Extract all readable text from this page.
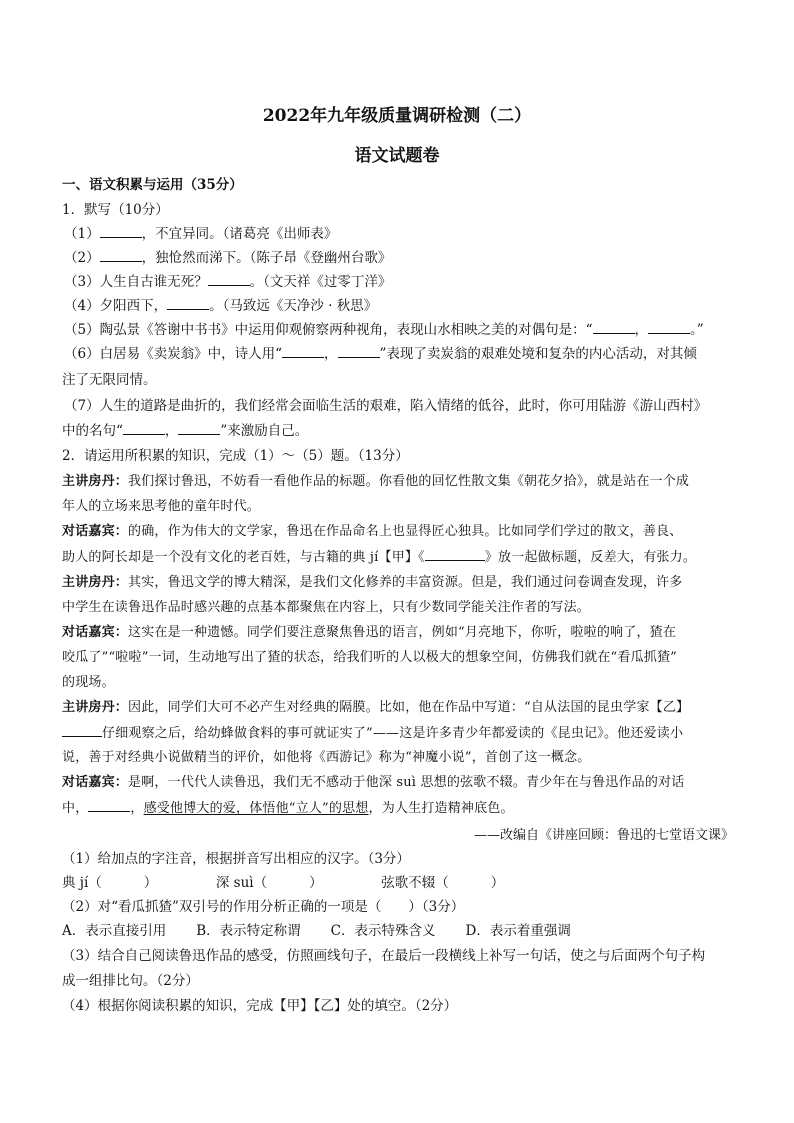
2022年九年级质量调研检测（二）
语文试题卷
一、语文积累与运用（35分）
1．默写（10分）
（1）	，不宜异同。（诸葛亮《出师表》
（2）	，独怆然而涕下。（陈子昂《登幽州台歌》
（3）人生自古谁无死？	。（文天祥《过零丁洋》
（4）夕阳西下，	。（马致远《天净沙 · 秋思》
（5）陶弘景《答谢中书书》中运用仰观俯察两种视角，表现山水相映之美的对偶句是：“	，	。”
（6）白居易《卖炭翁》中，诗人用“	，	”表现了卖炭翁的艰难处境和复杂的内心活动，对其倾
注了无限同情。
（7）人生的道路是曲折的，我们经常会面临生活的艰难，陷入情绪的低谷，此时，你可用陆游《游山西村》
中的名句“	，	”来激励自己。
2．请运用所积累的知识，完成（1）～（5）题。（13分）
主讲房丹：我们探讨鲁迅，不妨看一看他作品的标题。你看他的回忆性散文集《朝花夕拾》，就是站在一个成
年人的立场来思考他的童年时代。
对话嘉宾：的确，作为伟大的文学家，鲁迅在作品命名上也显得匠心独具。比如同学们学过的散文，善良、
助人的阿长却是一个没有文化的老百姓，与古籍的典 jí【甲】《	》放一起做标题，反差大，有张力。
主讲房丹：其实，鲁迅文学的博大精深，是我们文化修养的丰富资源。但是，我们通过问卷调查发现，许多
中学生在读鲁迅作品时感兴趣的点基本都聚焦在内容上，只有少数同学能关注作者的写法。
对话嘉宾：这实在是一种遗憾。同学们要注意聚焦鲁迅的语言，例如“月亮地下，你听，啦啦的响了，猹在
咬瓜了”“啦啦”一词，生动地写出了猹的状态，给我们听的人以极大的想象空间，仿佛我们就在“看瓜抓猹”
的现场。
主讲房丹：因此，同学们大可不必产生对经典的隔膜。比如，他在作品中写道：“自从法国的昆虫学家【乙】
仔细观察之后，给幼蜂做食料的事可就证实了”——这是许多青少年都爱读的《昆虫记》。他还爱读小
说，善于对经典小说做精当的评价，如他将《西游记》称为“神魔小说”，首创了这一概念。
对话嘉宾：是啊，一代代人读鲁迅，我们无不感动于他深 suì 思想的弦歌不辍。青少年在与鲁迅作品的对话
中，	，感受他博大的爱，体悟他“立人”的思想，为人生打造精神底色。
——改编自《讲座回顾：鲁迅的七堂语文课》
（1）给加点的字注音，根据拼音写出相应的汉字。（3分）
典 jí（	）	深 suì（	）	弦歌不辍（	）
（2）对“看瓜抓猹”双引号的作用分析正确的一项是（　　）（3分）
A．表示直接引用 B．表示特定称谓 C．表示特殊含义 D．表示着重强调
（3）结合自己阅读鲁迅作品的感受，仿照画线句子，在最后一段横线上补写一句话，使之与后面两个句子构
成一组排比句。（2分）
（4）根据你阅读积累的知识，完成【甲】【乙】处的填空。（2分）
